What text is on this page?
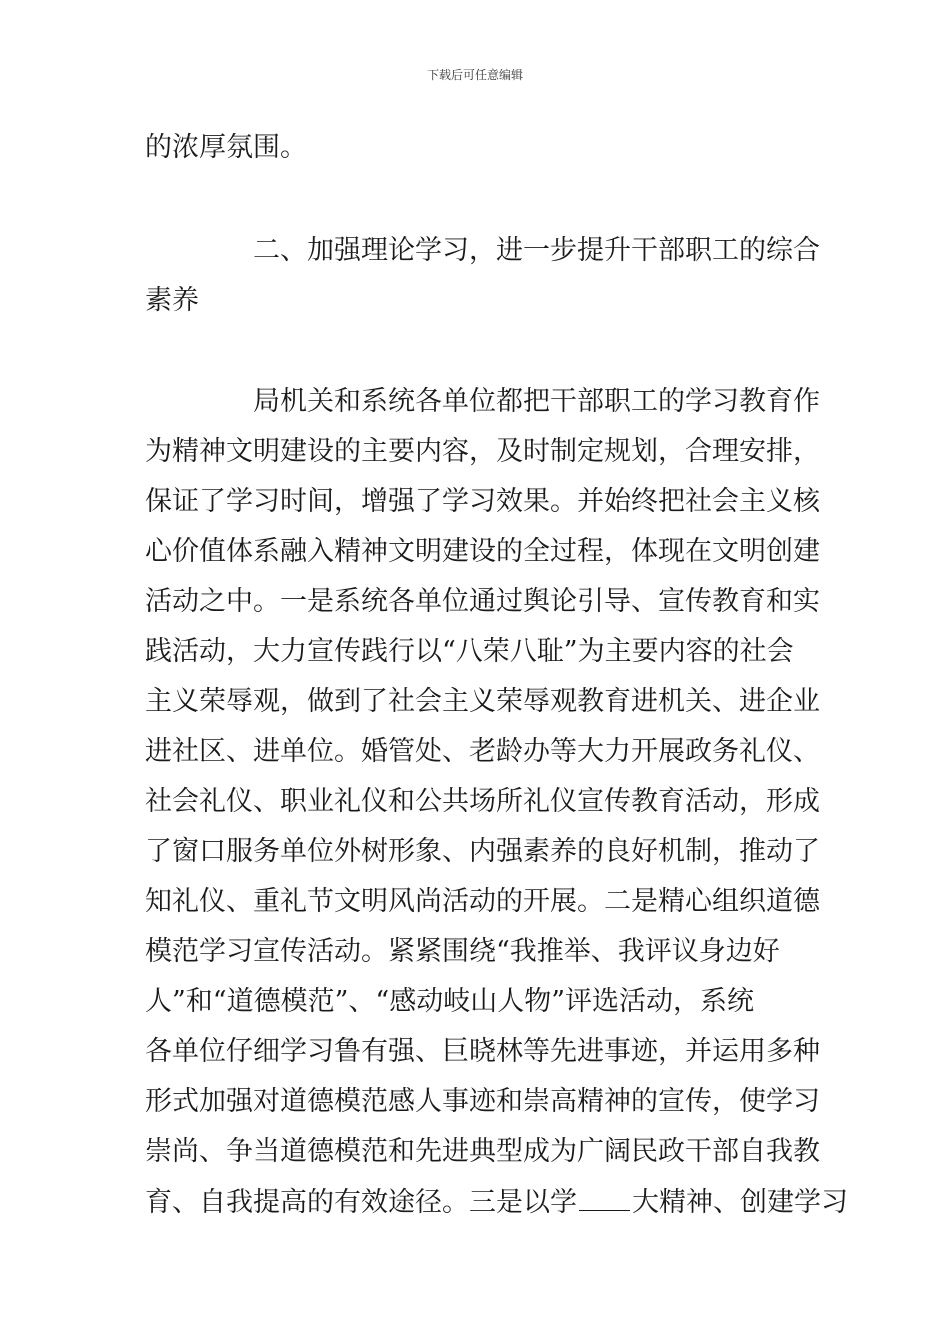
下载后可任意编辑
的浓厚氛围。
二、加强理论学习，进一步提升干部职工的综合
素养
局机关和系统各单位都把干部职工的学习教育作
为精神文明建设的主要内容，及时制定规划，合理安排，
保证了学习时间，增强了学习效果。并始终把社会主义核
心价值体系融入精神文明建设的全过程，体现在文明创建
活动之中。一是系统各单位通过舆论引导、宣传教育和实
践活动，大力宣传践行以“八荣八耻”为主要内容的社会
主义荣辱观，做到了社会主义荣辱观教育进机关、进企业
进社区、进单位。婚管处、老龄办等大力开展政务礼仪、
社会礼仪、职业礼仪和公共场所礼仪宣传教育活动，形成
了窗口服务单位外树形象、内强素养的良好机制，推动了
知礼仪、重礼节文明风尚活动的开展。二是精心组织道德
模范学习宣传活动。紧紧围绕“我推举、我评议身边好
人”和“道德模范”、“感动岐山人物”评选活动，系统
各单位仔细学习鲁有强、巨晓林等先进事迹，并运用多种
形式加强对道德模范感人事迹和崇高精神的宣传，使学习
崇尚、争当道德模范和先进典型成为广阔民政干部自我教
育、自我提高的有效途径。三是以学 大精神、创建学习
